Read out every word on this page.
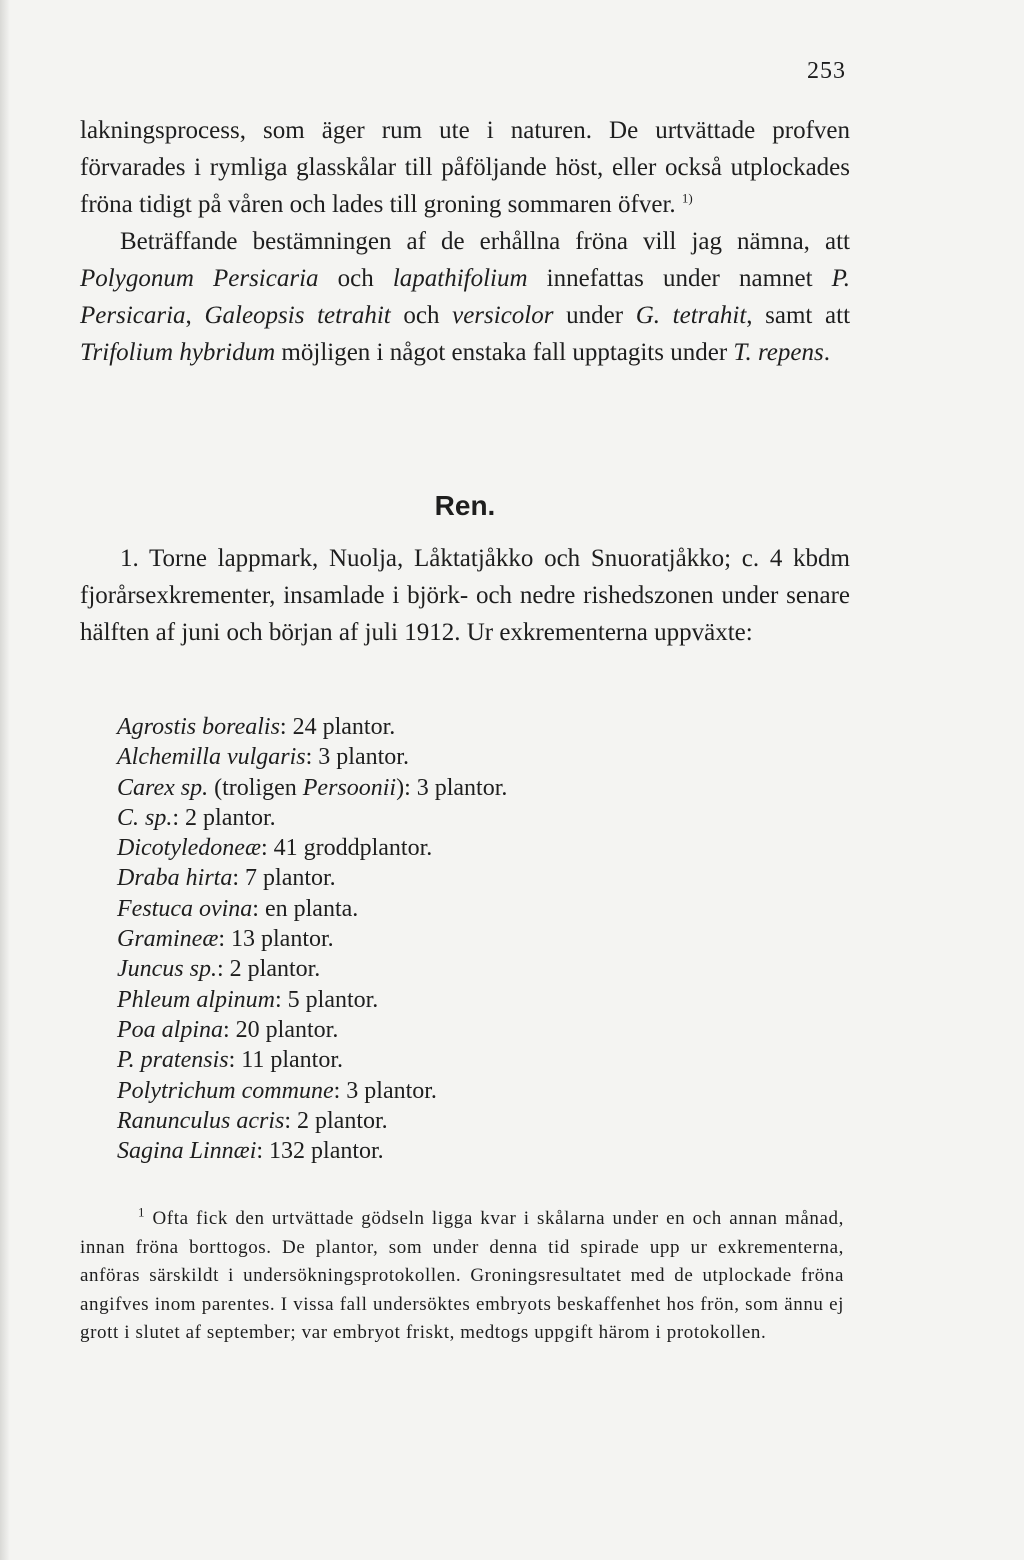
253

lakningsprocess, som äger rum ute i naturen. De urtvättade profven förvarades i rymliga glasskålar till påföljande höst, eller också utplockades fröna tidigt på våren och lades till groning sommaren öfver. $^{1)}$

Beträffande bestämningen af de erhållna fröna vill jag nämna, att Polygonum Persicaria och lapathifolium innefattas under namnet P. Persicaria, Galeopsis tetrahit och versicolor under G. tetrahit, samt att Trifolium hybridum möjligen i något enstaka fall upptagits under T. repens.

Ren.

1. Torne lappmark, Nuolja, Låktatjåkko och Snuoratjåkko; c. 4 kbdm fjorårsexkrementer, insamlade i björk- och nedre rishedszonen under senare hälften af juni och början af juli 1912. Ur exkrementerna uppväxte:

Agrostis borealis: 24 plantor.
Alchemilla vulgaris: 3 plantor.
Carex sp. (troligen Persoonii): 3 plantor.
C. sp.: 2 plantor.
Dicotyledoneæ: 41 groddplantor.
Draba hirta: 7 plantor.
Festuca ovina: en planta.
Gramineæ: 13 plantor.
Juncus sp.: 2 plantor.
Phleum alpinum: 5 plantor.
Poa alpina: 20 plantor.
P. pratensis: 11 plantor.
Polytrichum commune: 3 plantor.
Ranunculus acris: 2 plantor.
Sagina Linnæi: 132 plantor.

$^1$ Ofta fick den urtvättade gödseln ligga kvar i skålarna under en och annan månad, innan fröna borttogos. De plantor, som under denna tid spirade upp ur exkrementerna, anföras särskildt i undersökningsprotokollen. Groningsresultatet med de utplockade fröna angifves inom parentes. I vissa fall undersöktes embryots beskaffenhet hos frön, som ännu ej grott i slutet af september; var embryot friskt, medtogs uppgift härom i protokollen.
